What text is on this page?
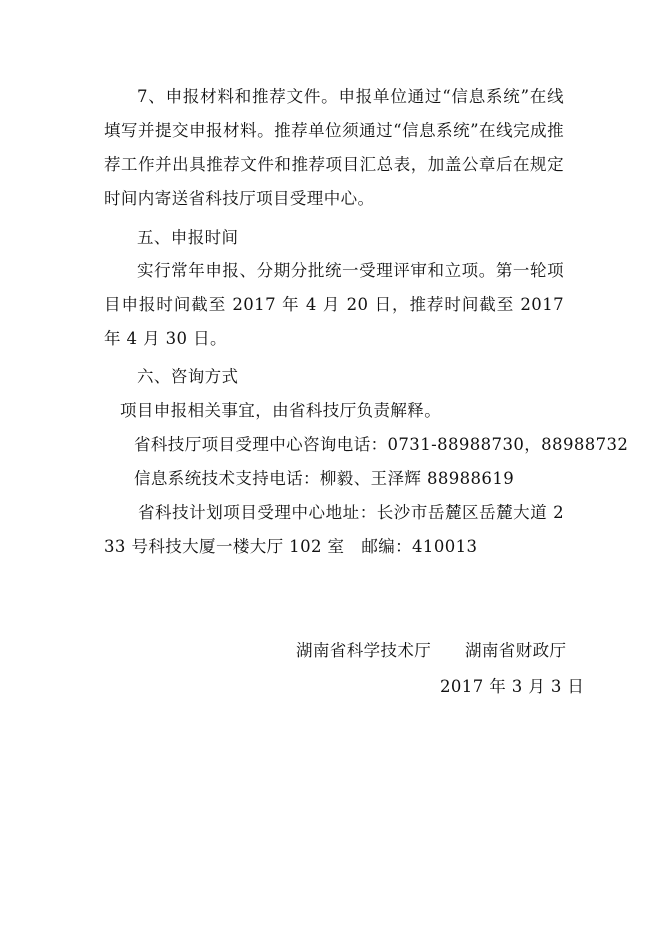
7、申报材料和推荐文件。申报单位通过“信息系统”在线填写并提交申报材料。推荐单位须通过“信息系统”在线完成推荐工作并出具推荐文件和推荐项目汇总表，加盖公章后在规定时间内寄送省科技厅项目受理中心。
五、申报时间
实行常年申报、分期分批统一受理评审和立项。第一轮项目申报时间截至 2017 年 4 月 20 日，推荐时间截至 2017 年 4 月 30 日。
六、咨询方式
项目申报相关事宜，由省科技厅负责解释。
省科技厅项目受理中心咨询电话：0731-88988730，88988732
信息系统技术支持电话：柳毅、王泽辉 88988619
省科技计划项目受理中心地址：长沙市岳麓区岳麓大道 233 号科技大厦一楼大厅 102 室　邮编：410013
湖南省科学技术厅　　湖南省财政厅
2017 年 3 月 3 日
